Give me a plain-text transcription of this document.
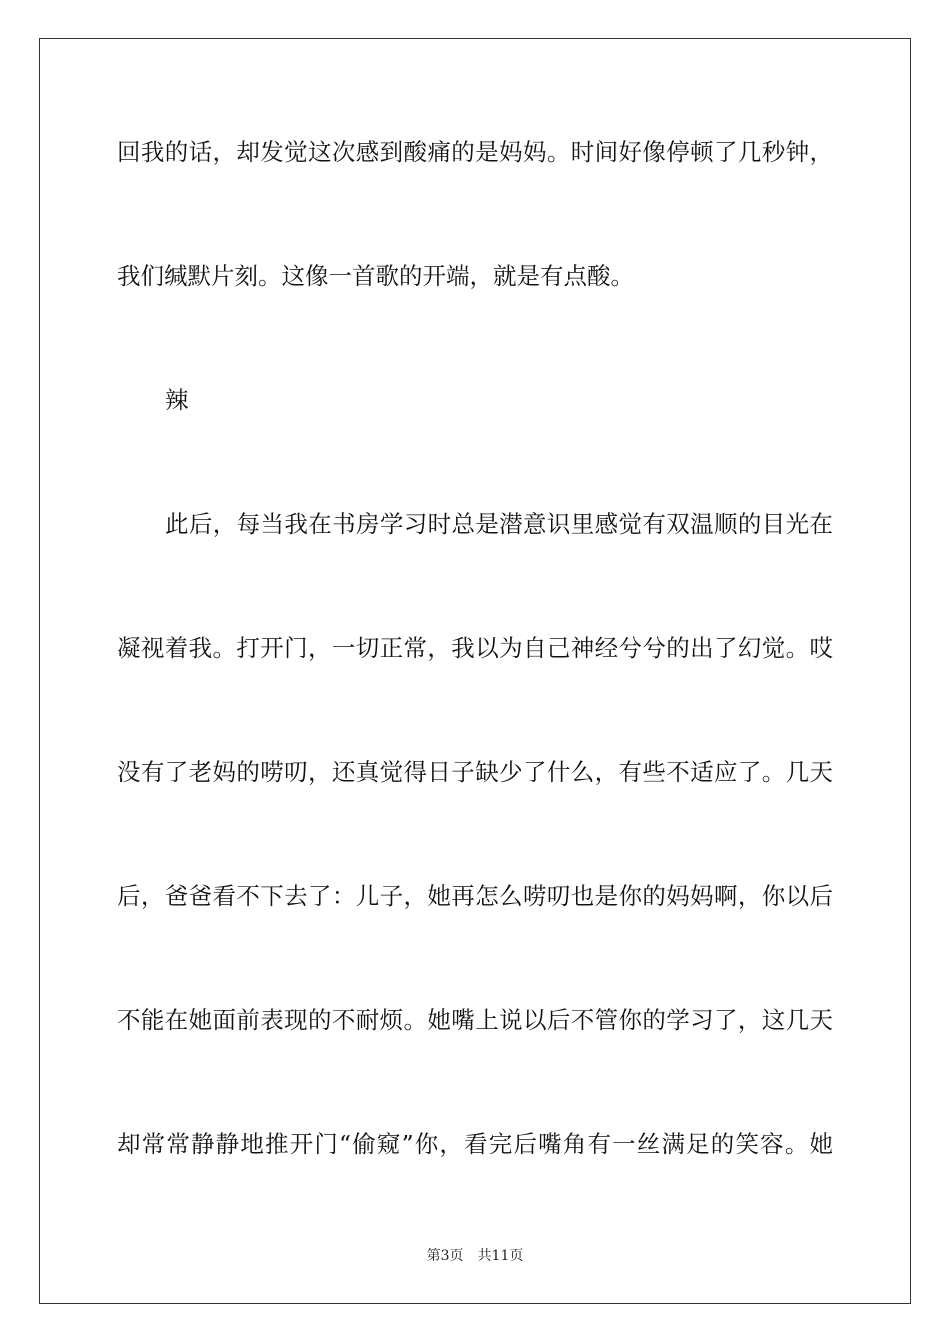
回我的话，却发觉这次感到酸痛的是妈妈。时间好像停顿了几秒钟，
我们缄默片刻。这像一首歌的开端，就是有点酸。
辣
此后，每当我在书房学习时总是潜意识里感觉有双温顺的目光在
凝视着我。打开门，一切正常，我以为自己神经兮兮的出了幻觉。哎
没有了老妈的唠叨，还真觉得日子缺少了什么，有些不适应了。几天
后，爸爸看不下去了：儿子，她再怎么唠叨也是你的妈妈啊，你以后
不能在她面前表现的不耐烦。她嘴上说以后不管你的学习了，这几天
却常常静静地推开门“偷窥”你，看完后嘴角有一丝满足的笑容。她
第3页 共11页
